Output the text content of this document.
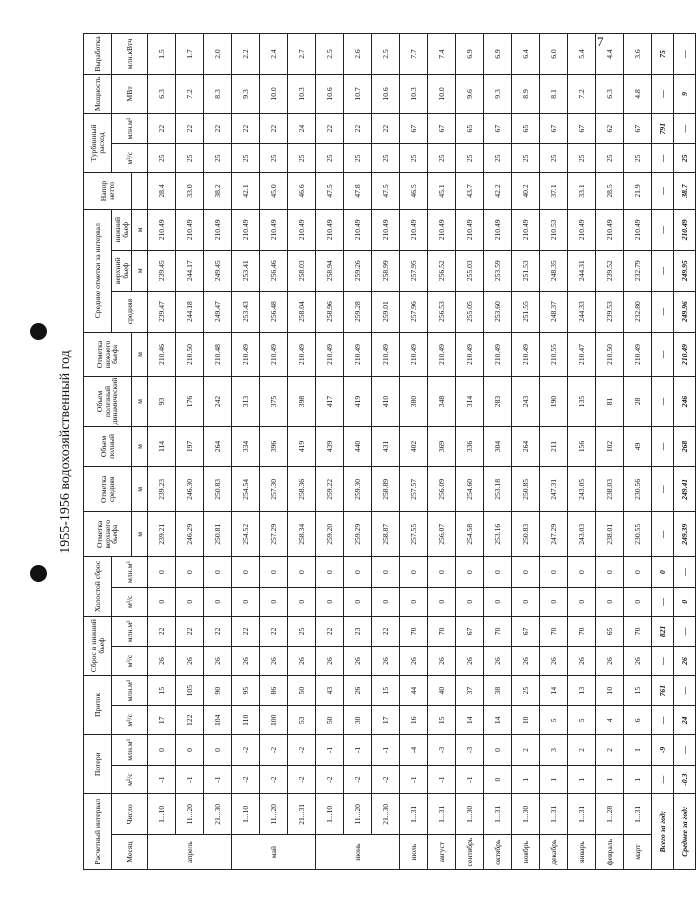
7
1955-1956 водохозяйственный год
Расчетный интервал		Потери		Приток		Сброс в нижний бьеф		Холостой сброс		Отметка верхнего бьефа	Отметка средняя	Объем полный	Объем полезный динамический	Отметка нижнего бьефа	Средние отметки за интервал			Напор нетто	Турбинный расход		Мощность	Выработка
Месяц	Число	м³/с	млн.м³	м³/с	млн.м³	м³/с	млн.м³	м³/с	млн.м³						средняя	верхний бьеф	нижний бьеф		м³/с	млн.м³	МВт	млн.кВтч
										м	м	м	м	м		м	м					
апрель	1...10	-1	0	17	15	26	22	0	0	239.21	239.23	114	93	210.46	239.47	239.45	210.49	28.4	25	22	6.3	1.5
	11...20	-1	0	122	105	26	22	0	0	246.29	246.30	197	176	210.50	244.18	244.17	210.49	33.0	25	22	7.2	1.7
	21...30	-1	0	104	90	26	22	0	0	250.81	250.83	264	242	210.48	249.47	249.45	210.49	38.2	25	22	8.3	2.0
май	1...10	-2	-2	110	95	26	22	0	0	254.52	254.54	334	313	210.49	253.43	253.41	210.49	42.1	25	22	9.3	2.2
	11...20	-2	-2	100	86	26	22	0	0	257.29	257.30	396	375	210.49	256.48	256.46	210.49	45.0	25	22	10.0	2.4
	21...31	-2	-2	53	50	26	25	0	0	258.34	258.36	419	398	210.49	258.04	258.03	210.49	46.6	25	24	10.3	2.7
июнь	1...10	-2	-1	50	43	26	22	0	0	259.20	259.22	439	417	210.49	258.96	258.94	210.49	47.5	25	22	10.6	2.5
	11...20	-2	-1	30	26	26	23	0	0	259.29	259.30	440	419	210.49	259.28	259.26	210.49	47.8	25	22	10.7	2.6
	21...30	-2	-1	17	15	26	22	0	0	258.87	258.89	431	410	210.49	259.01	258.99	210.49	47.5	25	22	10.6	2.5
июль	1...31	-1	-4	16	44	26	70	0	0	257.55	257.57	402	380	210.49	257.96	257.95	210.49	46.5	25	67	10.3	7.7
август	1...31	-1	-3	15	40	26	70	0	0	256.07	256.09	369	348	210.49	256.53	256.52	210.49	45.1	25	67	10.0	7.4
сентябрь	1...30	-1	-3	14	37	26	67	0	0	254.58	254.60	336	314	210.49	255.05	255.03	210.49	43.7	25	65	9.6	6.9
октябрь	1...31	0	0	14	38	26	70	0	0	253.16	253.18	304	283	210.49	253.60	253.59	210.49	42.2	25	67	9.3	6.9
ноябрь	1...30	1	2	10	25	26	67	0	0	250.83	250.85	264	243	210.49	251.55	251.53	210.49	40.2	25	65	8.9	6.4
декабрь	1...31	1	3	5	14	26	70	0	0	247.29	247.31	211	190	210.55	248.37	248.35	210.53	37.1	25	67	8.1	6.0
январь	1...31	1	2	5	13	26	70	0	0	243.03	243.05	156	135	210.47	244.33	244.31	210.49	33.1	25	67	7.2	5.4
февраль	1...28	1	2	4	10	26	65	0	0	238.01	238.03	102	81	210.50	239.53	239.52	210.49	28.5	25	62	6.3	4.4
март	1...31	1	1	6	15	26	70	0	0	230.55	230.56	49	28	210.49	232.80	232.79	210.49	21.9	25	67	4.8	3.6
Всего за год:		—	-9	—	761	—	821	—	0	—	—	—	—	—	—	—	—	—	—	791	—	75
Среднее за год:		-0.3	—	24	—	26	—	0	—	249.39	249.41	268	246	210.49	249.96	249.95	210.49	38.7	25	—	9	—
